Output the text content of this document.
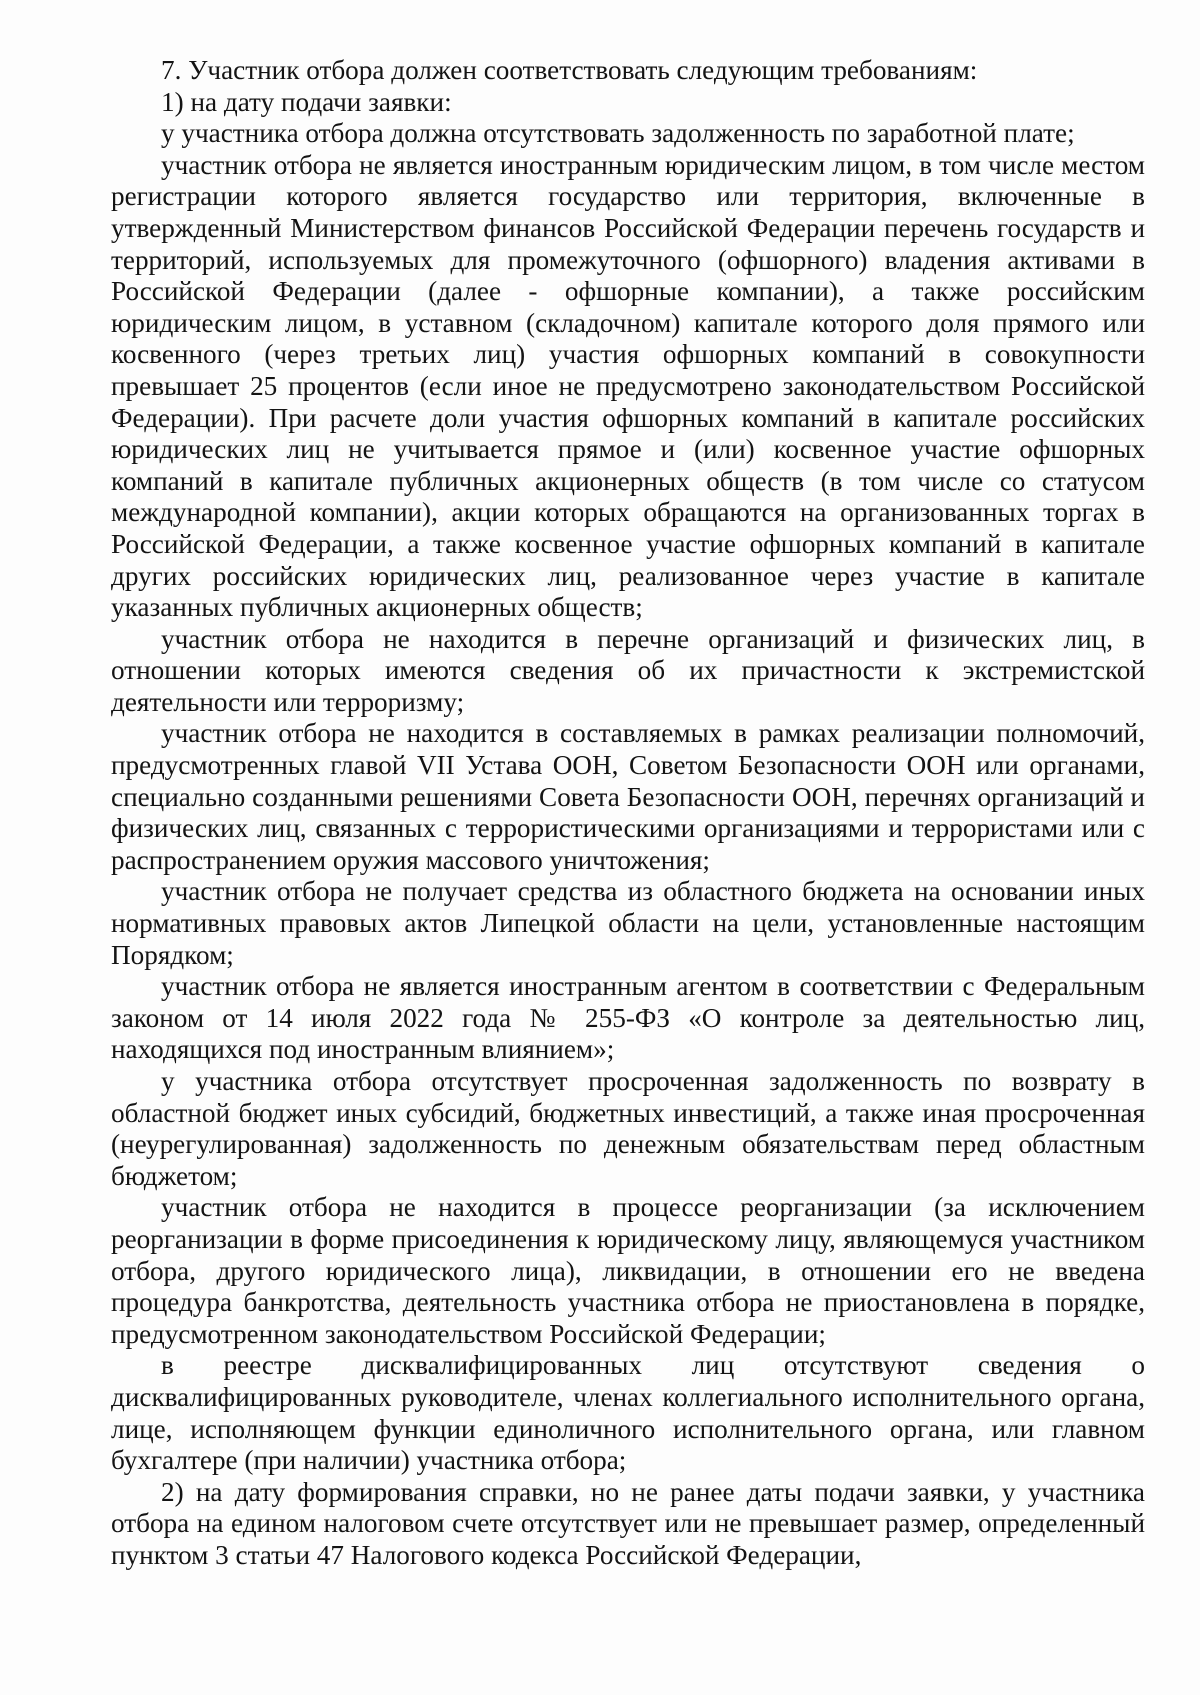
7. Участник отбора должен соответствовать следующим требованиям:

1) на дату подачи заявки:

у участника отбора должна отсутствовать задолженность по заработной плате;

участник отбора не является иностранным юридическим лицом, в том числе местом регистрации которого является государство или территория, включенные в утвержденный Министерством финансов Российской Федерации перечень государств и территорий, используемых для промежуточного (офшорного) владения активами в Российской Федерации (далее - офшорные компании), а также российским юридическим лицом, в уставном (складочном) капитале которого доля прямого или косвенного (через третьих лиц) участия офшорных компаний в совокупности превышает 25 процентов (если иное не предусмотрено законодательством Российской Федерации). При расчете доли участия офшорных компаний в капитале российских юридических лиц не учитывается прямое и (или) косвенное участие офшорных компаний в капитале публичных акционерных обществ (в том числе со статусом международной компании), акции которых обращаются на организованных торгах в Российской Федерации, а также косвенное участие офшорных компаний в капитале других российских юридических лиц, реализованное через участие в капитале указанных публичных акционерных обществ;

участник отбора не находится в перечне организаций и физических лиц, в отношении которых имеются сведения об их причастности к экстремистской деятельности или терроризму;

участник отбора не находится в составляемых в рамках реализации полномочий, предусмотренных главой VII Устава ООН, Советом Безопасности ООН или органами, специально созданными решениями Совета Безопасности ООН, перечнях организаций и физических лиц, связанных с террористическими организациями и террористами или с распространением оружия массового уничтожения;

участник отбора не получает средства из областного бюджета на основании иных нормативных правовых актов Липецкой области на цели, установленные настоящим Порядком;

участник отбора не является иностранным агентом в соответствии с Федеральным законом от 14 июля 2022 года № 255-ФЗ «О контроле за деятельностью лиц, находящихся под иностранным влиянием»;

у участника отбора отсутствует просроченная задолженность по возврату в областной бюджет иных субсидий, бюджетных инвестиций, а также иная просроченная (неурегулированная) задолженность по денежным обязательствам перед областным бюджетом;

участник отбора не находится в процессе реорганизации (за исключением реорганизации в форме присоединения к юридическому лицу, являющемуся участником отбора, другого юридического лица), ликвидации, в отношении его не введена процедура банкротства, деятельность участника отбора не приостановлена в порядке, предусмотренном законодательством Российской Федерации;

в реестре дисквалифицированных лиц отсутствуют сведения о дисквалифицированных руководителе, членах коллегиального исполнительного органа, лице, исполняющем функции единоличного исполнительного органа, или главном бухгалтере (при наличии) участника отбора;

2) на дату формирования справки, но не ранее даты подачи заявки, у участника отбора на едином налоговом счете отсутствует или не превышает размер, определенный пунктом 3 статьи 47 Налогового кодекса Российской Федерации,
